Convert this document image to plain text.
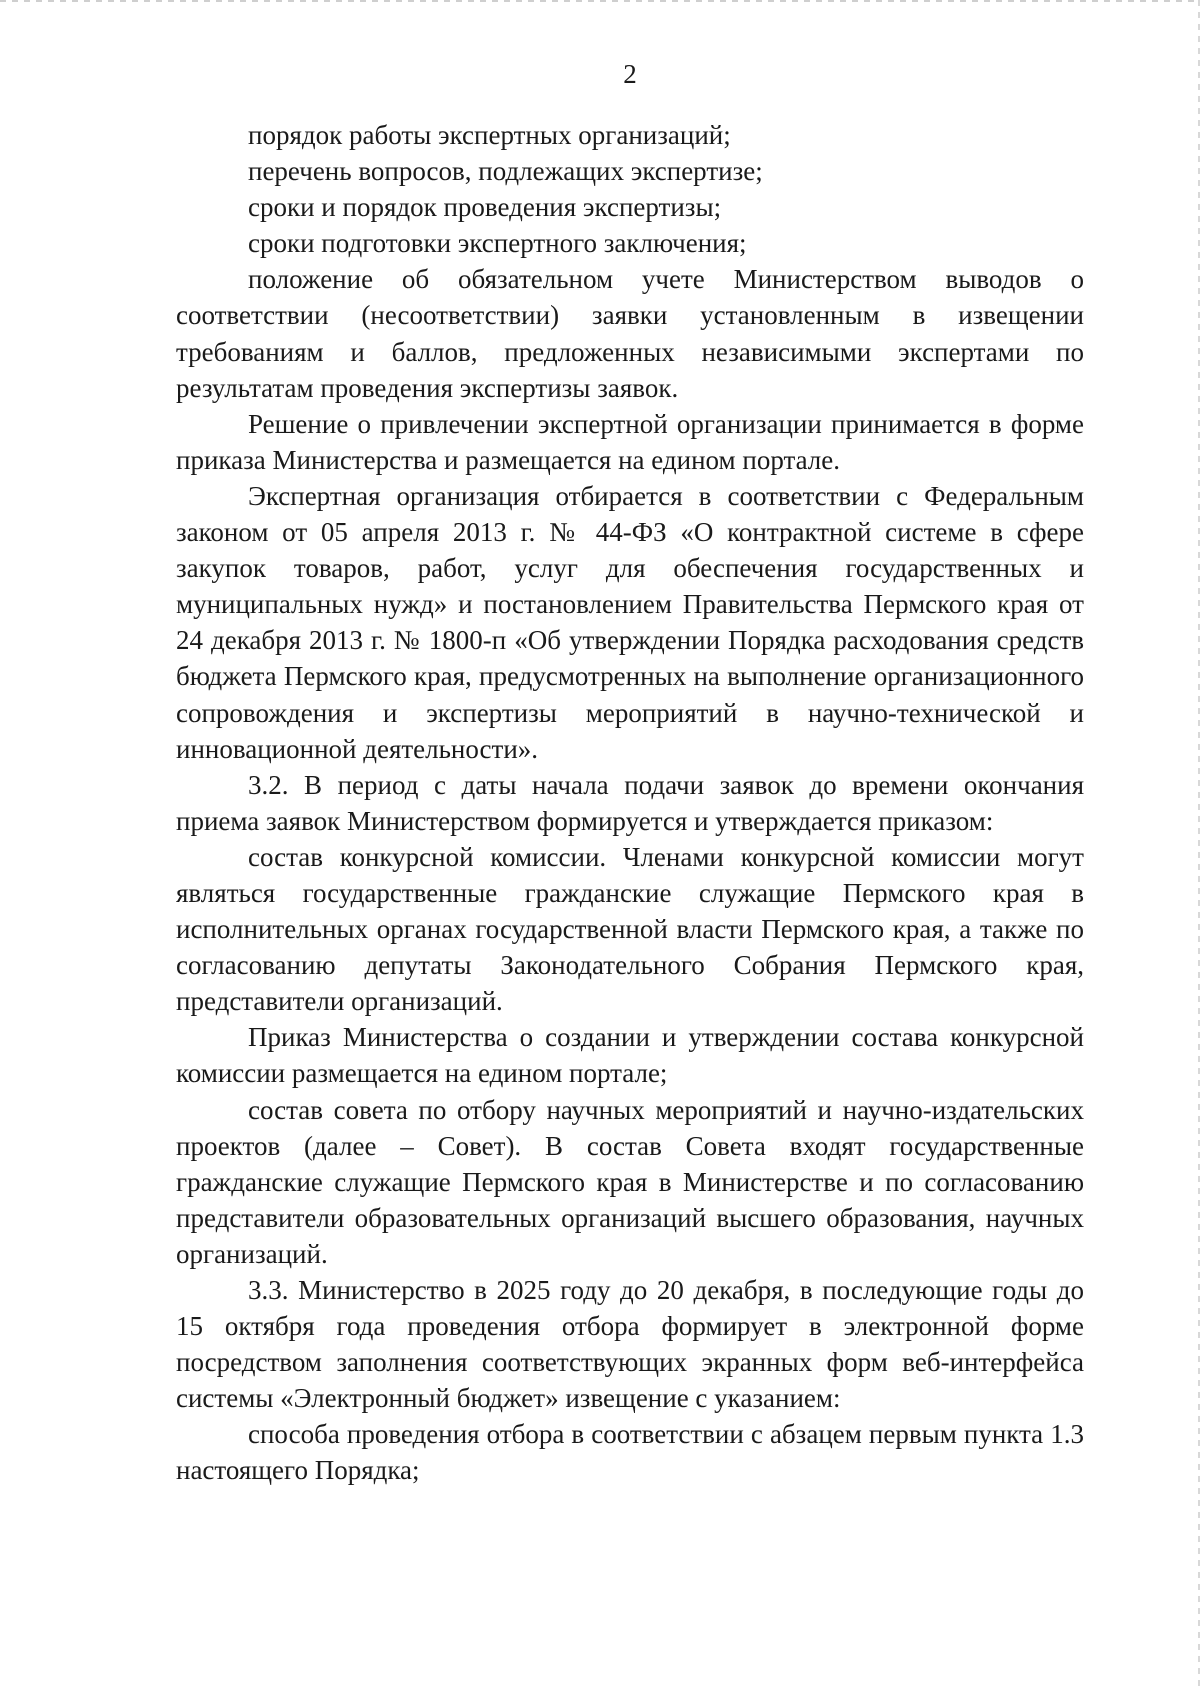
2

порядок работы экспертных организаций;

перечень вопросов, подлежащих экспертизе;

сроки и порядок проведения экспертизы;

сроки подготовки экспертного заключения;

положение об обязательном учете Министерством выводов о соответствии (несоответствии) заявки установленным в извещении требованиям и баллов, предложенных независимыми экспертами по результатам проведения экспертизы заявок.

Решение о привлечении экспертной организации принимается в форме приказа Министерства и размещается на едином портале.

Экспертная организация отбирается в соответствии с Федеральным законом от 05 апреля 2013 г. № 44-ФЗ «О контрактной системе в сфере закупок товаров, работ, услуг для обеспечения государственных и муниципальных нужд» и постановлением Правительства Пермского края от 24 декабря 2013 г. № 1800-п «Об утверждении Порядка расходования средств бюджета Пермского края, предусмотренных на выполнение организационного сопровождения и экспертизы мероприятий в научно-технической и инновационной деятельности».

3.2. В период с даты начала подачи заявок до времени окончания приема заявок Министерством формируется и утверждается приказом:

состав конкурсной комиссии. Членами конкурсной комиссии могут являться государственные гражданские служащие Пермского края в исполнительных органах государственной власти Пермского края, а также по согласованию депутаты Законодательного Собрания Пермского края, представители организаций.

Приказ Министерства о создании и утверждении состава конкурсной комиссии размещается на едином портале;

состав совета по отбору научных мероприятий и научно-издательских проектов (далее – Совет). В состав Совета входят государственные гражданские служащие Пермского края в Министерстве и по согласованию представители образовательных организаций высшего образования, научных организаций.

3.3. Министерство в 2025 году до 20 декабря, в последующие годы до 15 октября года проведения отбора формирует в электронной форме посредством заполнения соответствующих экранных форм веб-интерфейса системы «Электронный бюджет» извещение с указанием:

способа проведения отбора в соответствии с абзацем первым пункта 1.3 настоящего Порядка;
